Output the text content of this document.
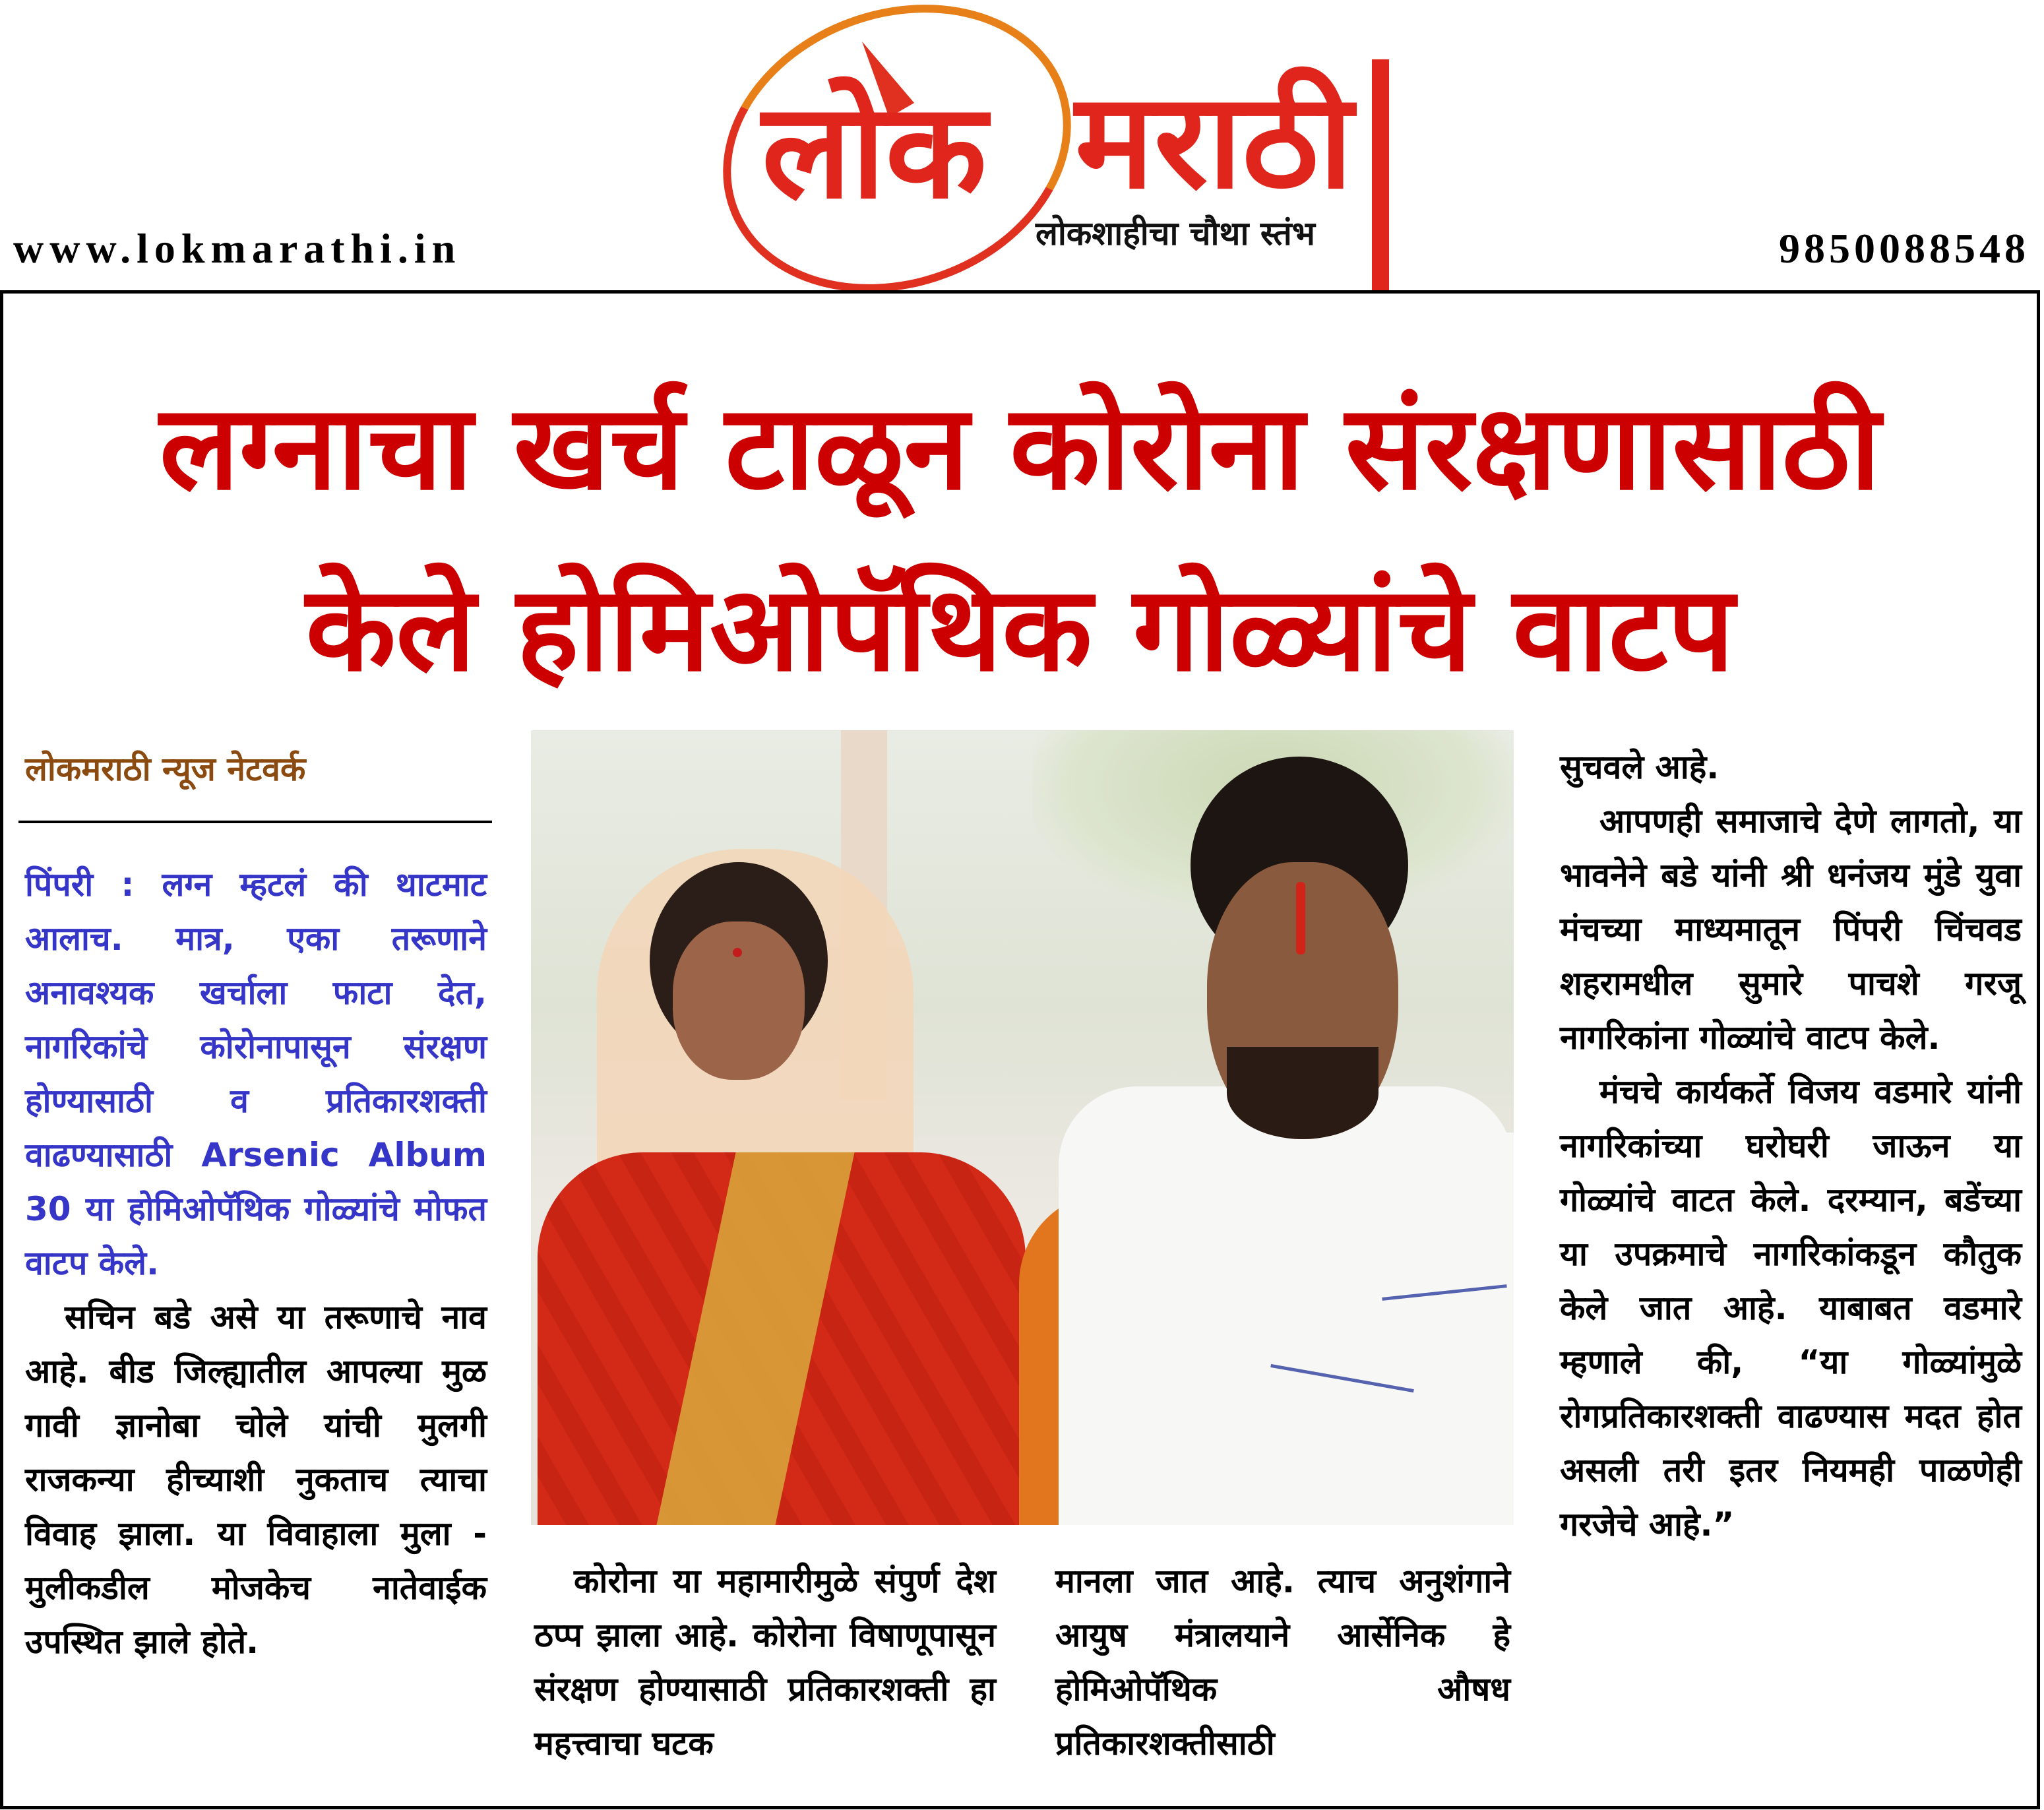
www.lokmarathi.in	9850088548
लोक मराठी
लोकशाहीचा चौथा स्तंभ
लग्नाचा खर्च टाळून कोरोना संरक्षणासाठी
केले होमिओपॅथिक गोळ्यांचे वाटप
लोकमराठी न्यूज नेटवर्क

पिंपरी : लग्न म्हटलं की थाटमाट आलाच. मात्र, एका तरूणाने अनावश्यक खर्चाला फाटा देत, नागरिकांचे कोरोनापासून संरक्षण होण्यासाठी व प्रतिकारशक्ती वाढण्यासाठी Arsenic Album 30 या होमिओपॅथिक गोळ्यांचे मोफत वाटप केले.

सचिन बडे असे या तरूणाचे नाव आहे. बीड जिल्ह्यातील आपल्या मुळ गावी ज्ञानोबा चोले यांची मुलगी राजकन्या हीच्याशी नुकताच त्याचा विवाह झाला. या विवाहाला मुला - मुलीकडील मोजकेच नातेवाईक उपस्थित झाले होते.

कोरोना या महामारीमुळे संपुर्ण देश ठप्प झाला आहे. कोरोना विषाणूपासून संरक्षण होण्यासाठी प्रतिकारशक्ती हा महत्त्वाचा घटक

मानला जात आहे. त्याच अनुशंगाने आयुष मंत्रालयाने आर्सेनिक हे होमिओपॅथिक औषध प्रतिकारशक्तीसाठी

सुचवले आहे.

आपणही समाजाचे देणे लागतो, या भावनेने बडे यांनी श्री धनंजय मुंडे युवा मंचच्या माध्यमातून पिंपरी चिंचवड शहरामधील सुमारे पाचशे गरजू नागरिकांना गोळ्यांचे वाटप केले.

मंचचे कार्यकर्ते विजय वडमारे यांनी नागरिकांच्या घरोघरी जाऊन या गोळ्यांचे वाटत केले. दरम्यान, बडेंच्या या उपक्रमाचे नागरिकांकडून कौतुक केले जात आहे. याबाबत वडमारे म्हणाले की, “या गोळ्यांमुळे रोगप्रतिकारशक्ती वाढण्यास मदत होत असली तरी इतर नियमही पाळणेही गरजेचे आहे.”
